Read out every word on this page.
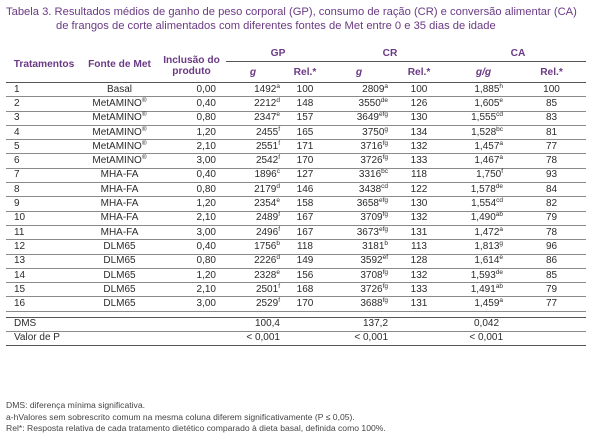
Tabela 3. Resultados médios de ganho de peso corporal (GP), consumo de ração (CR) e conversão alimentar (CA)
de frangos de corte alimentados com diferentes fontes de Met entre 0 e 35 dias de idade
Tratamentos	Fonte de Met	Inclusão do produto	GP		CR		CA	
			g	Rel.*	g	Rel.*	g/g	Rel.*
1	Basal	0,00	1492$^a$	100	2809$^a$	100	1,885$^h$	100
2	MetAMINO®	0,40	2212$^d$	148	3550de	126	1,605e	85
3	MetAMINO®	0,80	2347e	157	$3649^{efg}$	130	1,555$^{cd}$	83
4	MetAMINO®	1,20	2455$^f$	165	3750$^g$	134	1,528$^{bc}$	81
5	MetAMINO®	2,10	2551$^f$	171	$3716^{fg}$	132	1,457$^a$	77
6	MetAMINO®	3,00	2542$^f$	170	$3726^{fg}$	133	1,467$^a$	78
7	MHA-FA	0,40	1896$^c$	127	$3316^{bc}$	118	1,750$^f$	93
8	MHA-FA	0,80	2179$^d$	146	$3438^{cd}$	122	1,578de	84
9	MHA-FA	1,20	2354e	158	$3658^{efg}$	130	1,554$^{cd}$	82
10	MHA-FA	2,10	2489$^f$	167	$3709^{fg}$	132	1,490$^{ab}$	79
11	MHA-FA	3,00	2496$^f$	167	$3673^{efg}$	131	1,472$^a$	78
12	DLM65	0,40	1756$^b$	118	3181$^b$	113	1,813$^g$	96
13	DLM65	0,80	2226$^d$	149	$3592^{ef}$	128	1,614e	86
14	DLM65	1,20	2328e	156	$3708^{fg}$	132	1,593de	85
15	DLM65	2,10	2501$^f$	168	$3726^{fg}$	133	1,491$^{ab}$	79
16	DLM65	3,00	2529$^f$	170	$3688^{fg}$	131	1,459$^a$	77

DMS			100,4		137,2		0,042	
Valor de P			< 0,001		< 0,001		< 0,001	
DMS: diferença mínima significativa.
a-hValores sem sobrescrito comum na mesma coluna diferem significativamente (P ≤ 0,05).
Rel*: Resposta relativa de cada tratamento dietético comparado à dieta basal, definida como 100%.
